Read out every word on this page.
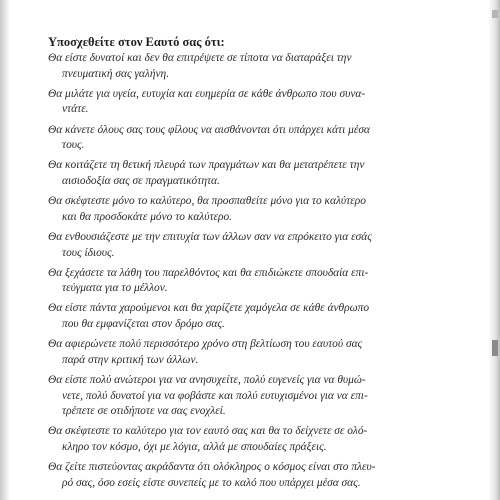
Υποσχεθείτε στον Εαυτό σας ότι:
Θα είστε δυνατοί και δεν θα επιτρέψετε σε τίποτα να διαταράξει την
πνευματική σας γαλήνη.
Θα μιλάτε για υγεία, ευτυχία και ευημερία σε κάθε άνθρωπο που συνα-
ντάτε.
Θα κάνετε όλους σας τους φίλους να αισθάνονται ότι υπάρχει κάτι μέσα
τους.
Θα κοιτάζετε τη θετική πλευρά των πραγμάτων και θα μετατρέπετε την
αισιοδοξία σας σε πραγματικότητα.
Θα σκέφτεστε μόνο το καλύτερο, θα προσπαθείτε μόνο για το καλύτερο
και θα προσδοκάτε μόνο το καλύτερο.
Θα ενθουσιάζεστε με την επιτυχία των άλλων σαν να επρόκειτο για εσάς
τους ίδιους.
Θα ξεχάσετε τα λάθη του παρελθόντος και θα επιδιώκετε σπουδαία επι-
τεύγματα για το μέλλον.
Θα είστε πάντα χαρούμενοι και θα χαρίζετε χαμόγελα σε κάθε άνθρωπο
που θα εμφανίζεται στον δρόμο σας.
Θα αφιερώνετε πολύ περισσότερο χρόνο στη βελτίωση του εαυτού σας
παρά στην κριτική των άλλων.
Θα είστε πολύ ανώτεροι για να ανησυχείτε, πολύ ευγενείς για να θυμώ-
νετε, πολύ δυνατοί για να φοβάστε και πολύ ευτυχισμένοι για να επι-
τρέπετε σε οτιδήποτε να σας ενοχλεί.
Θα σκέφτεστε το καλύτερο για τον εαυτό σας και θα το δείχνετε σε ολό-
κληρο τον κόσμο, όχι με λόγια, αλλά με σπουδαίες πράξεις.
Θα ζείτε πιστεύοντας ακράδαντα ότι ολόκληρος ο κόσμος είναι στο πλευ-
ρό σας, όσο εσείς είστε συνεπείς με το καλό που υπάρχει μέσα σας.
